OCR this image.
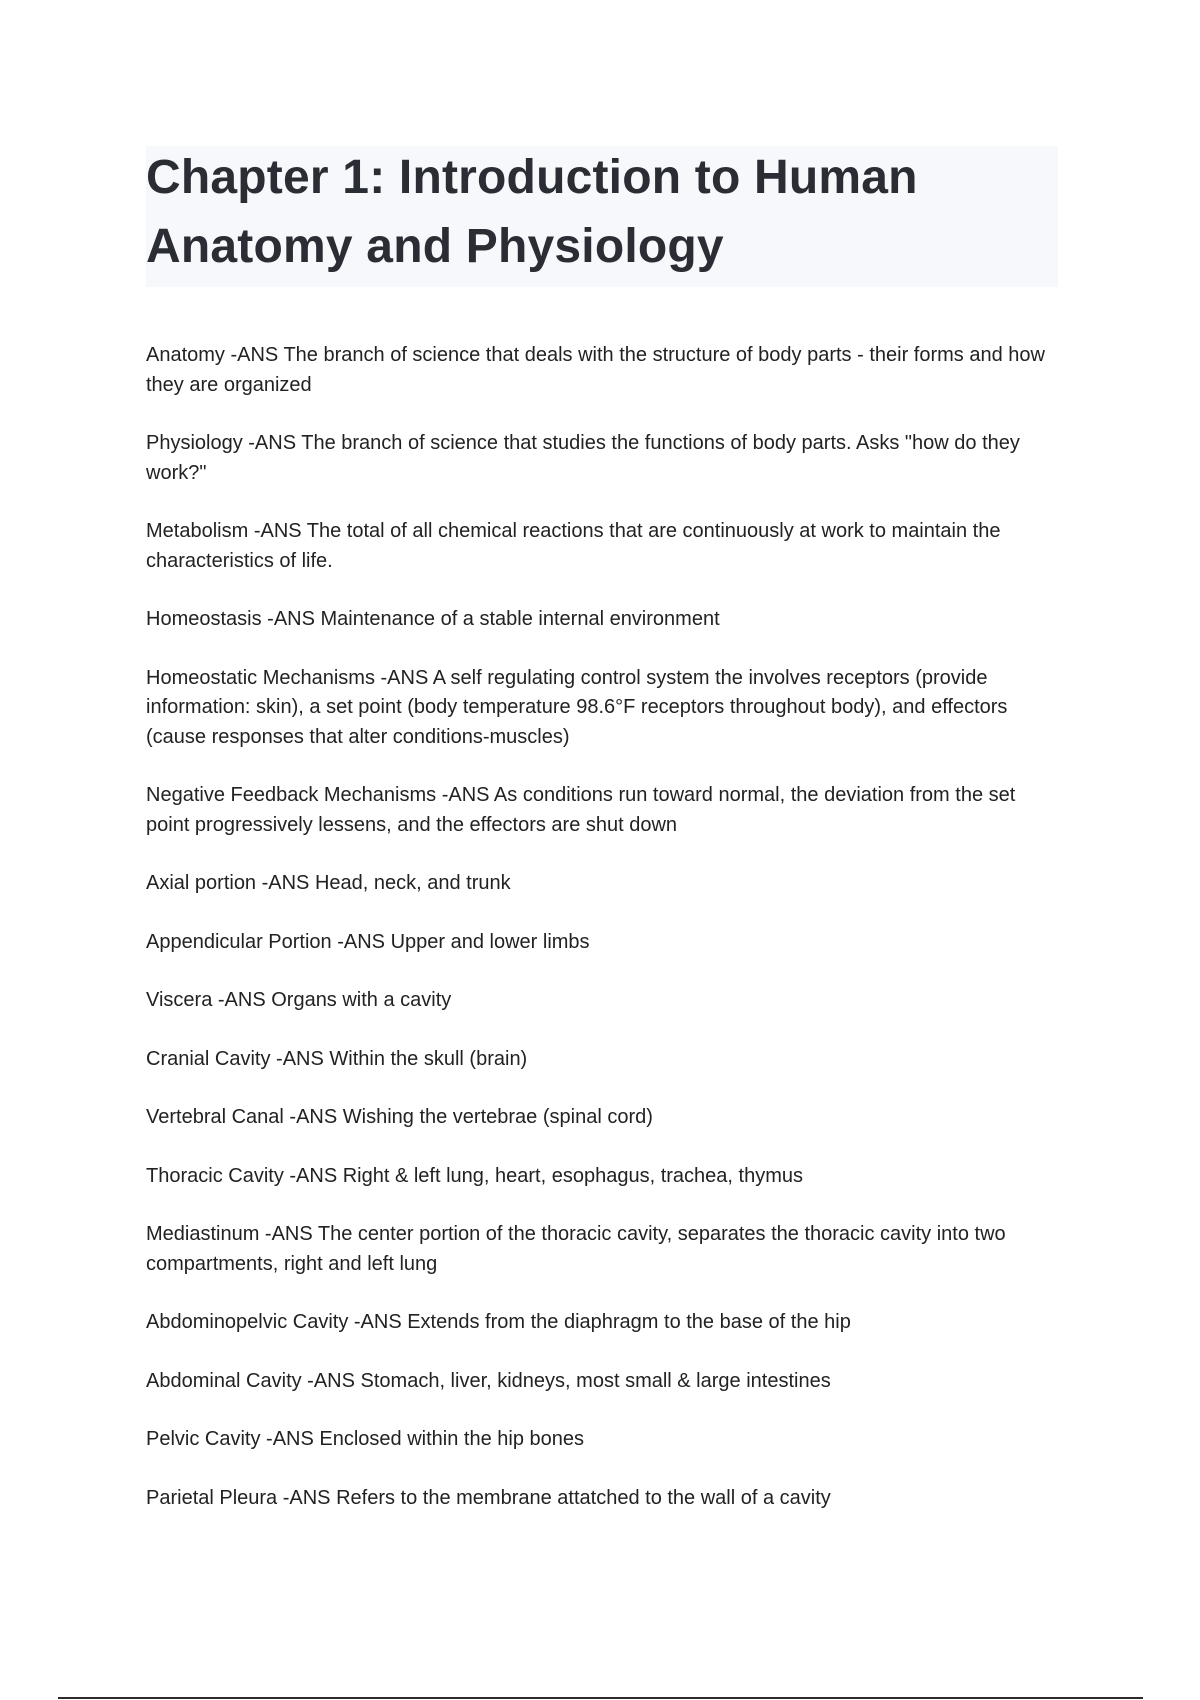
Chapter 1: Introduction to Human Anatomy and Physiology
Anatomy -ANS The branch of science that deals with the structure of body parts - their forms and how they are organized
Physiology -ANS The branch of science that studies the functions of body parts. Asks "how do they work?"
Metabolism -ANS The total of all chemical reactions that are continuously at work to maintain the characteristics of life.
Homeostasis -ANS Maintenance of a stable internal environment
Homeostatic Mechanisms -ANS A self regulating control system the involves receptors (provide information: skin), a set point (body temperature 98.6°F receptors throughout body), and effectors (cause responses that alter conditions-muscles)
Negative Feedback Mechanisms -ANS As conditions run toward normal, the deviation from the set point progressively lessens, and the effectors are shut down
Axial portion -ANS Head, neck, and trunk
Appendicular Portion -ANS Upper and lower limbs
Viscera -ANS Organs with a cavity
Cranial Cavity -ANS Within the skull (brain)
Vertebral Canal -ANS Wishing the vertebrae (spinal cord)
Thoracic Cavity -ANS Right & left lung, heart, esophagus, trachea, thymus
Mediastinum -ANS The center portion of the thoracic cavity, separates the thoracic cavity into two compartments, right and left lung
Abdominopelvic Cavity -ANS Extends from the diaphragm to the base of the hip
Abdominal Cavity -ANS Stomach, liver, kidneys, most small & large intestines
Pelvic Cavity -ANS Enclosed within the hip bones
Parietal Pleura -ANS Refers to the membrane attatched to the wall of a cavity
